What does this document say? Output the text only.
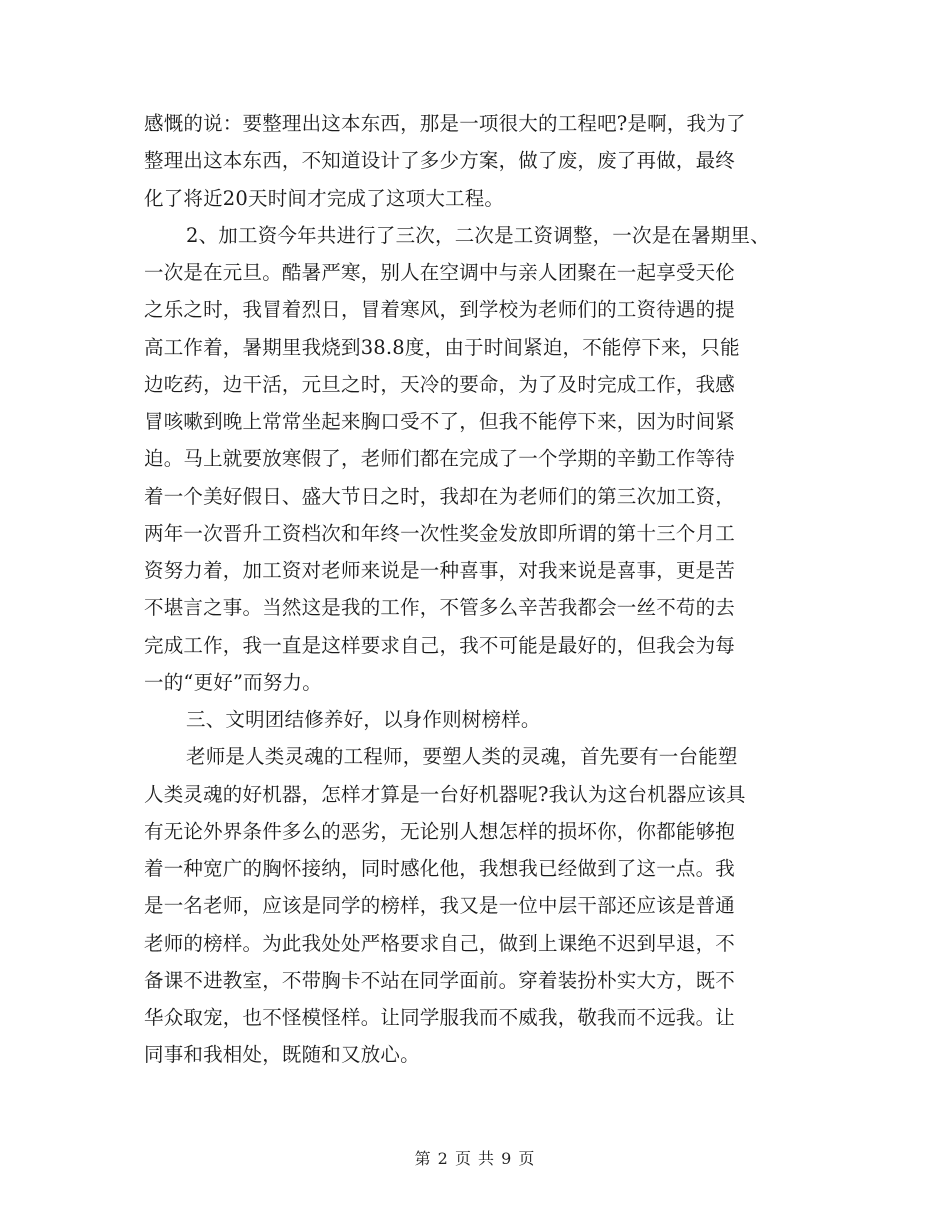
感慨的说：要整理出这本东西，那是一项很大的工程吧?是啊，我为了
整理出这本东西，不知道设计了多少方案，做了废，废了再做，最终
化了将近20天时间才完成了这项大工程。
2、加工资今年共进行了三次，二次是工资调整，一次是在暑期里、
一次是在元旦。酷暑严寒，别人在空调中与亲人团聚在一起享受天伦
之乐之时，我冒着烈日，冒着寒风，到学校为老师们的工资待遇的提
高工作着，暑期里我烧到38.8度，由于时间紧迫，不能停下来，只能
边吃药，边干活，元旦之时，天冷的要命，为了及时完成工作，我感
冒咳嗽到晚上常常坐起来胸口受不了，但我不能停下来，因为时间紧
迫。马上就要放寒假了，老师们都在完成了一个学期的辛勤工作等待
着一个美好假日、盛大节日之时，我却在为老师们的第三次加工资，
两年一次晋升工资档次和年终一次性奖金发放即所谓的第十三个月工
资努力着，加工资对老师来说是一种喜事，对我来说是喜事，更是苦
不堪言之事。当然这是我的工作，不管多么辛苦我都会一丝不苟的去
完成工作，我一直是这样要求自己，我不可能是最好的，但我会为每
一的“更好”而努力。
三、文明团结修养好，以身作则树榜样。
老师是人类灵魂的工程师，要塑人类的灵魂，首先要有一台能塑
人类灵魂的好机器，怎样才算是一台好机器呢?我认为这台机器应该具
有无论外界条件多么的恶劣，无论别人想怎样的损坏你，你都能够抱
着一种宽广的胸怀接纳，同时感化他，我想我已经做到了这一点。我
是一名老师，应该是同学的榜样，我又是一位中层干部还应该是普通
老师的榜样。为此我处处严格要求自己，做到上课绝不迟到早退，不
备课不进教室，不带胸卡不站在同学面前。穿着装扮朴实大方，既不
华众取宠，也不怪模怪样。让同学服我而不威我，敬我而不远我。让
同事和我相处，既随和又放心。
第 2 页 共 9 页
